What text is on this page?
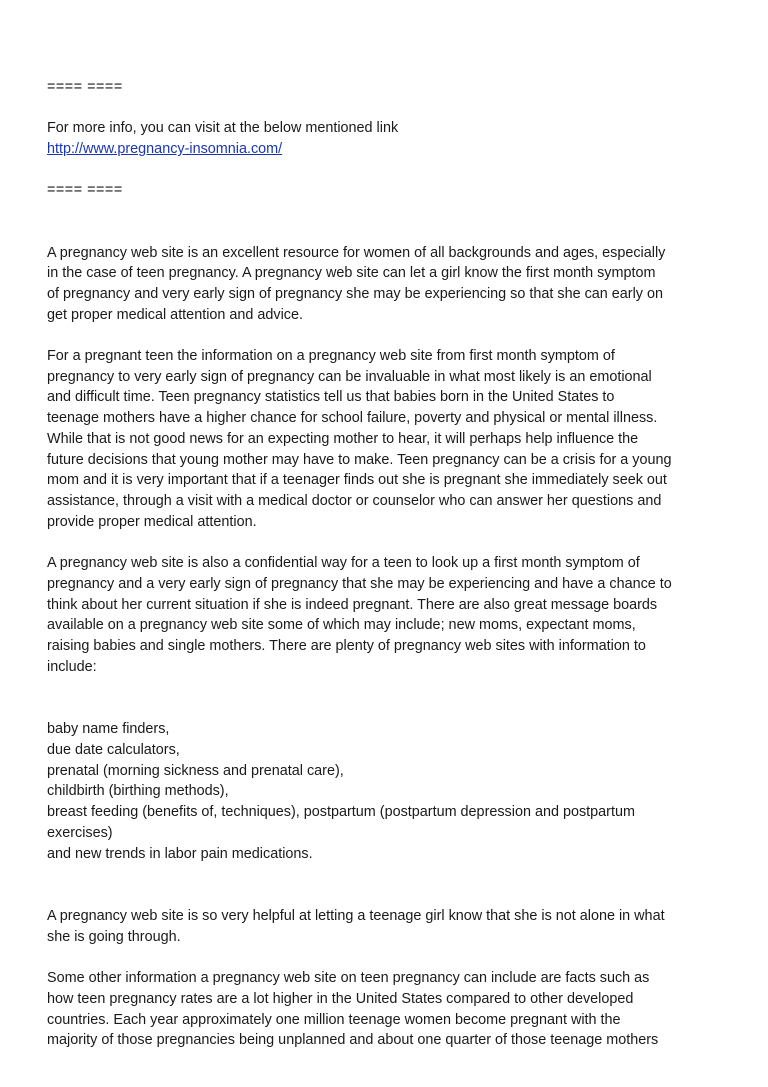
==== ====
For more info, you can visit at the below mentioned link
http://www.pregnancy-insomnia.com/
==== ====

A pregnancy web site is an excellent resource for women of all backgrounds and ages, especially
in the case of teen pregnancy. A pregnancy web site can let a girl know the first month symptom
of pregnancy and very early sign of pregnancy she may be experiencing so that she can early on
get proper medical attention and advice.

For a pregnant teen the information on a pregnancy web site from first month symptom of
pregnancy to very early sign of pregnancy can be invaluable in what most likely is an emotional
and difficult time. Teen pregnancy statistics tell us that babies born in the United States to
teenage mothers have a higher chance for school failure, poverty and physical or mental illness.
While that is not good news for an expecting mother to hear, it will perhaps help influence the
future decisions that young mother may have to make. Teen pregnancy can be a crisis for a young
mom and it is very important that if a teenager finds out she is pregnant she immediately seek out
assistance, through a visit with a medical doctor or counselor who can answer her questions and
provide proper medical attention.

A pregnancy web site is also a confidential way for a teen to look up a first month symptom of
pregnancy and a very early sign of pregnancy that she may be experiencing and have a chance to
think about her current situation if she is indeed pregnant. There are also great message boards
available on a pregnancy web site some of which may include; new moms, expectant moms,
raising babies and single mothers. There are plenty of pregnancy web sites with information to
include:

baby name finders,
due date calculators,
prenatal (morning sickness and prenatal care),
childbirth (birthing methods),
breast feeding (benefits of, techniques), postpartum (postpartum depression and postpartum
exercises)
and new trends in labor pain medications.

A pregnancy web site is so very helpful at letting a teenage girl know that she is not alone in what
she is going through.

Some other information a pregnancy web site on teen pregnancy can include are facts such as
how teen pregnancy rates are a lot higher in the United States compared to other developed
countries. Each year approximately one million teenage women become pregnant with the
majority of those pregnancies being unplanned and about one quarter of those teenage mothers
